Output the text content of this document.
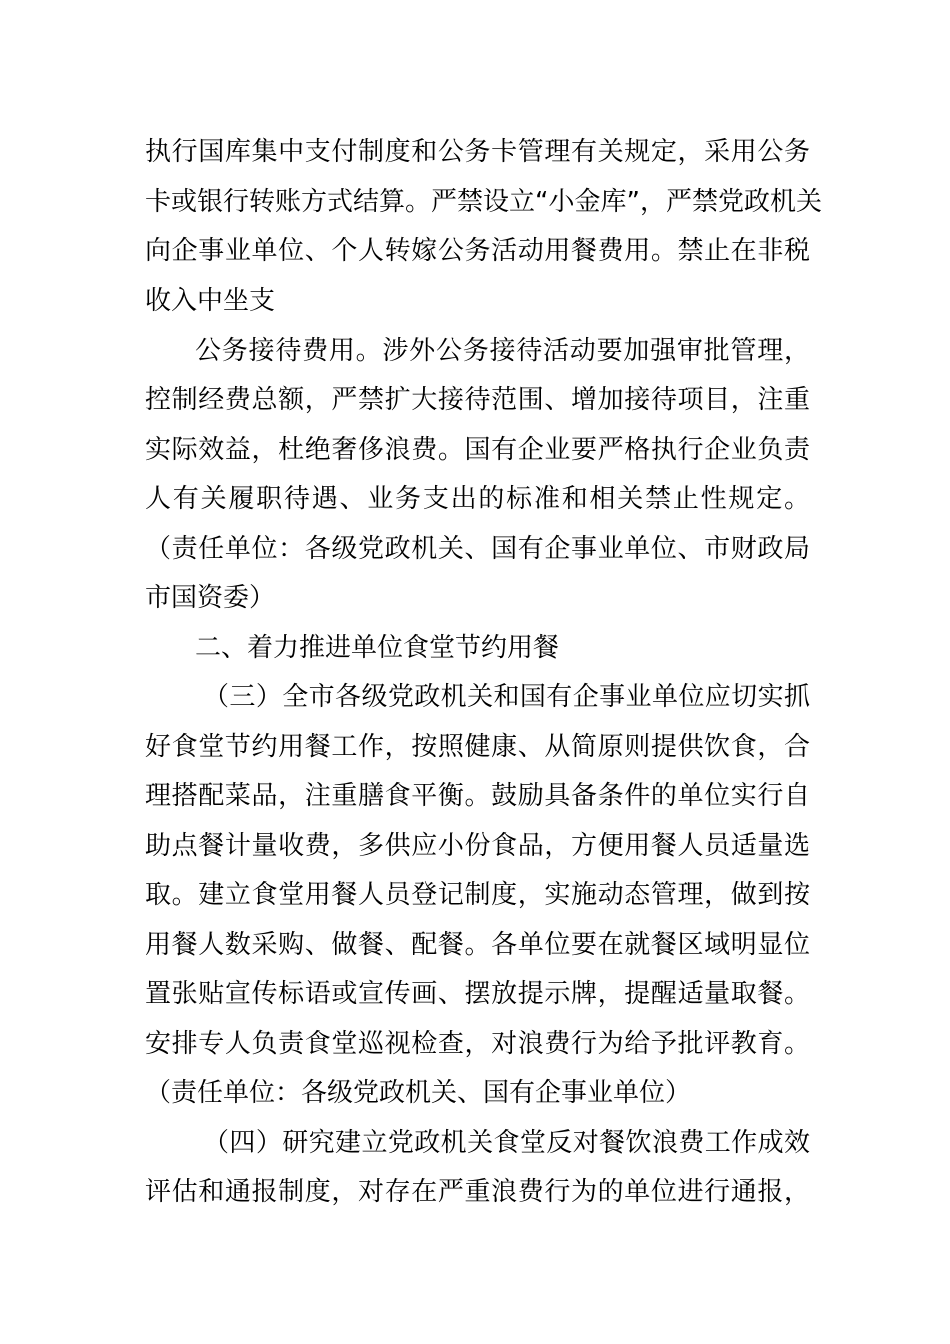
执行国库集中支付制度和公务卡管理有关规定，采用公务
卡或银行转账方式结算。严禁设立“小金库”，严禁党政机关
向企事业单位、个人转嫁公务活动用餐费用。禁止在非税
收入中坐支
公务接待费用。涉外公务接待活动要加强审批管理，
控制经费总额，严禁扩大接待范围、增加接待项目，注重
实际效益，杜绝奢侈浪费。国有企业要严格执行企业负责
人有关履职待遇、业务支出的标准和相关禁止性规定。
（责任单位：各级党政机关、国有企事业单位、市财政局
市国资委）
二、着力推进单位食堂节约用餐
（三）全市各级党政机关和国有企事业单位应切实抓
好食堂节约用餐工作，按照健康、从简原则提供饮食，合
理搭配菜品，注重膳食平衡。鼓励具备条件的单位实行自
助点餐计量收费，多供应小份食品，方便用餐人员适量选
取。建立食堂用餐人员登记制度，实施动态管理，做到按
用餐人数采购、做餐、配餐。各单位要在就餐区域明显位
置张贴宣传标语或宣传画、摆放提示牌，提醒适量取餐。
安排专人负责食堂巡视检查，对浪费行为给予批评教育。
（责任单位：各级党政机关、国有企事业单位）
（四）研究建立党政机关食堂反对餐饮浪费工作成效
评估和通报制度，对存在严重浪费行为的单位进行通报，
